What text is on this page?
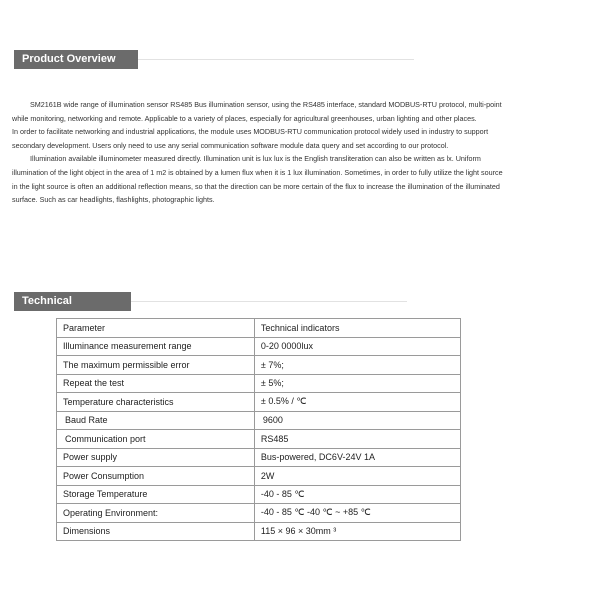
Product Overview

SM2161B wide range of illumination sensor RS485 Bus illumination sensor, using the RS485 interface, standard MODBUS-RTU protocol, multi-point while monitoring, networking and remote. Applicable to a variety of places, especially for agricultural greenhouses, urban lighting and other places.

In order to facilitate networking and industrial applications, the module uses MODBUS-RTU communication protocol widely used in industry to support secondary development. Users only need to use any serial communication software module data query and set according to our protocol.

Illumination available illuminometer measured directly. Illumination unit is lux lux is the English transliteration can also be written as lx. Uniform illumination of the light object in the area of 1 m2 is obtained by a lumen flux when it is 1 lux illumination. Sometimes, in order to fully utilize the light source in the light source is often an additional reflection means, so that the direction can be more certain of the flux to increase the illumination of the illuminated surface. Such as car headlights, flashlights, photographic lights.

Technical Parameters
Parameter	Technical indicators
Illuminance measurement range	0-20 0000lux
The maximum permissible error	± 7%;
Repeat the test	± 5%;
Temperature characteristics	± 0.5% / ℃
Baud Rate	9600
Communication port	RS485
Power supply	Bus-powered, DC6V-24V 1A
Power Consumption	2W
Storage Temperature	-40 - 85 ℃
Operating Environment:	-40 - 85 ℃ -40 ℃ ~ +85 ℃
Dimensions	115 × 96 × 30mm ³
